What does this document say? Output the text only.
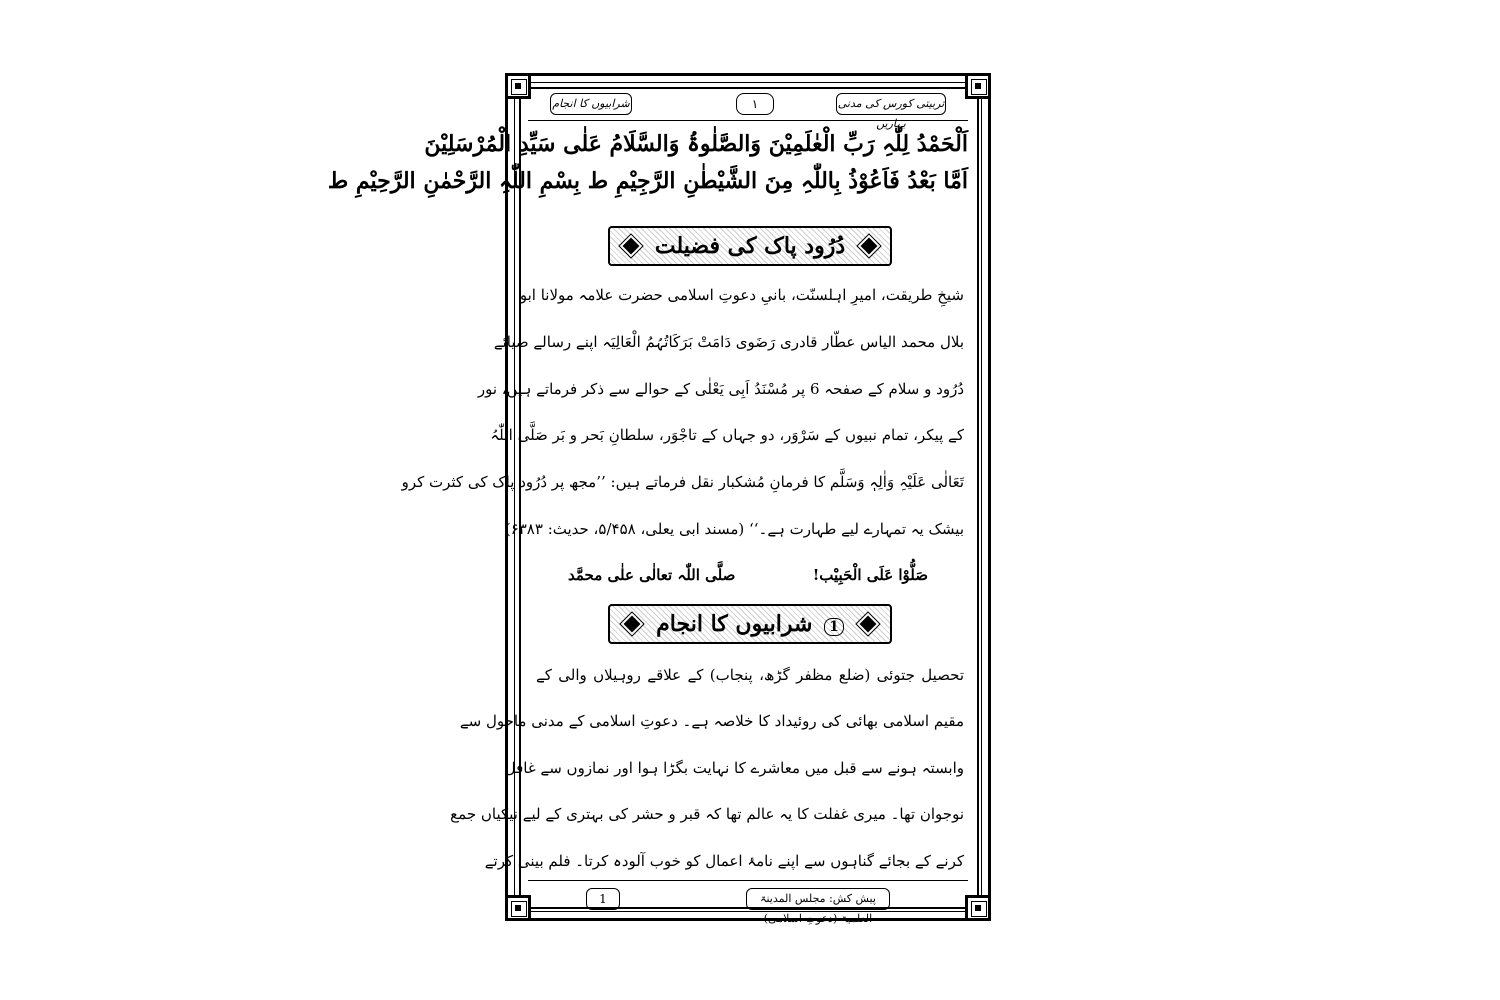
تربیتی کورس کی مدنی بہاریں
١
شرابیوں کا انجام
اَلْحَمْدُ لِلّٰہِ رَبِّ الْعٰلَمِیْنَ وَالصَّلٰوۃُ وَالسَّلَامُ عَلٰی سَیِّدِ الْمُرْسَلِیْنَ
اَمَّا بَعْدُ فَاَعُوْذُ بِاللّٰہِ مِنَ الشَّیْطٰنِ الرَّجِیْمِ ط بِسْمِ اللّٰہِ الرَّحْمٰنِ الرَّحِیْمِ ط
دُرُود پاک کی فضیلت
شیخِ طریقت، امیرِ اہلسنّت، بانیِ دعوتِ اسلامی حضرت علامہ مولانا ابو
بلال محمد الیاس عطّار قادری رَضَوی دَامَتْ بَرَکَاتُہُمُ الْعَالِیَہ اپنے رسالے ضیائے
دُرُود و سلام کے صفحہ 6 پر مُسْنَدُ اَبِی یَعْلٰی کے حوالے سے ذکر فرماتے ہیں، نور
کے پیکر، تمام نبیوں کے سَرْوَر، دو جہاں کے تاجْوَر، سلطانِ بَحر و بَر صَلَّی اللّٰہُ
تَعَالٰی عَلَیْہِ وَاٰلِہٖ وَسَلَّم کا فرمانِ مُشکبار نقل فرماتے ہیں: ’’مجھ پر دُرُود پاک کی کثرت کرو
بیشک یہ تمہارے لیے طہارت ہے۔‘‘ (مسند ابی یعلی، ۵/۴۵۸، حدیث: ۶۳۸۳)
صَلُّوْا عَلَی الْحَبِیْب!
صلَّی اللّٰہ تعالٰی علٰی محمَّد
1 شرابیوں کا انجام
تحصیل جتوئی (ضلع مظفر گڑھ، پنجاب) کے علاقے روہیلاں والی کے
مقیم اسلامی بھائی کی روئیداد کا خلاصہ ہے۔ دعوتِ اسلامی کے مدنی ماحول سے
وابستہ ہونے سے قبل میں معاشرے کا نہایت بگڑا ہوا اور نمازوں سے غافل
نوجوان تھا۔ میری غفلت کا یہ عالم تھا کہ قبر و حشر کی بہتری کے لیے نیکیاں جمع
کرنے کے بجائے گناہوں سے اپنے نامۂ اعمال کو خوب آلودہ کرتا۔ فلم بینی کرتے
پیش کش: مجلس المدینۃ العلمیۃ (دعوتِ اسلامی)
1
